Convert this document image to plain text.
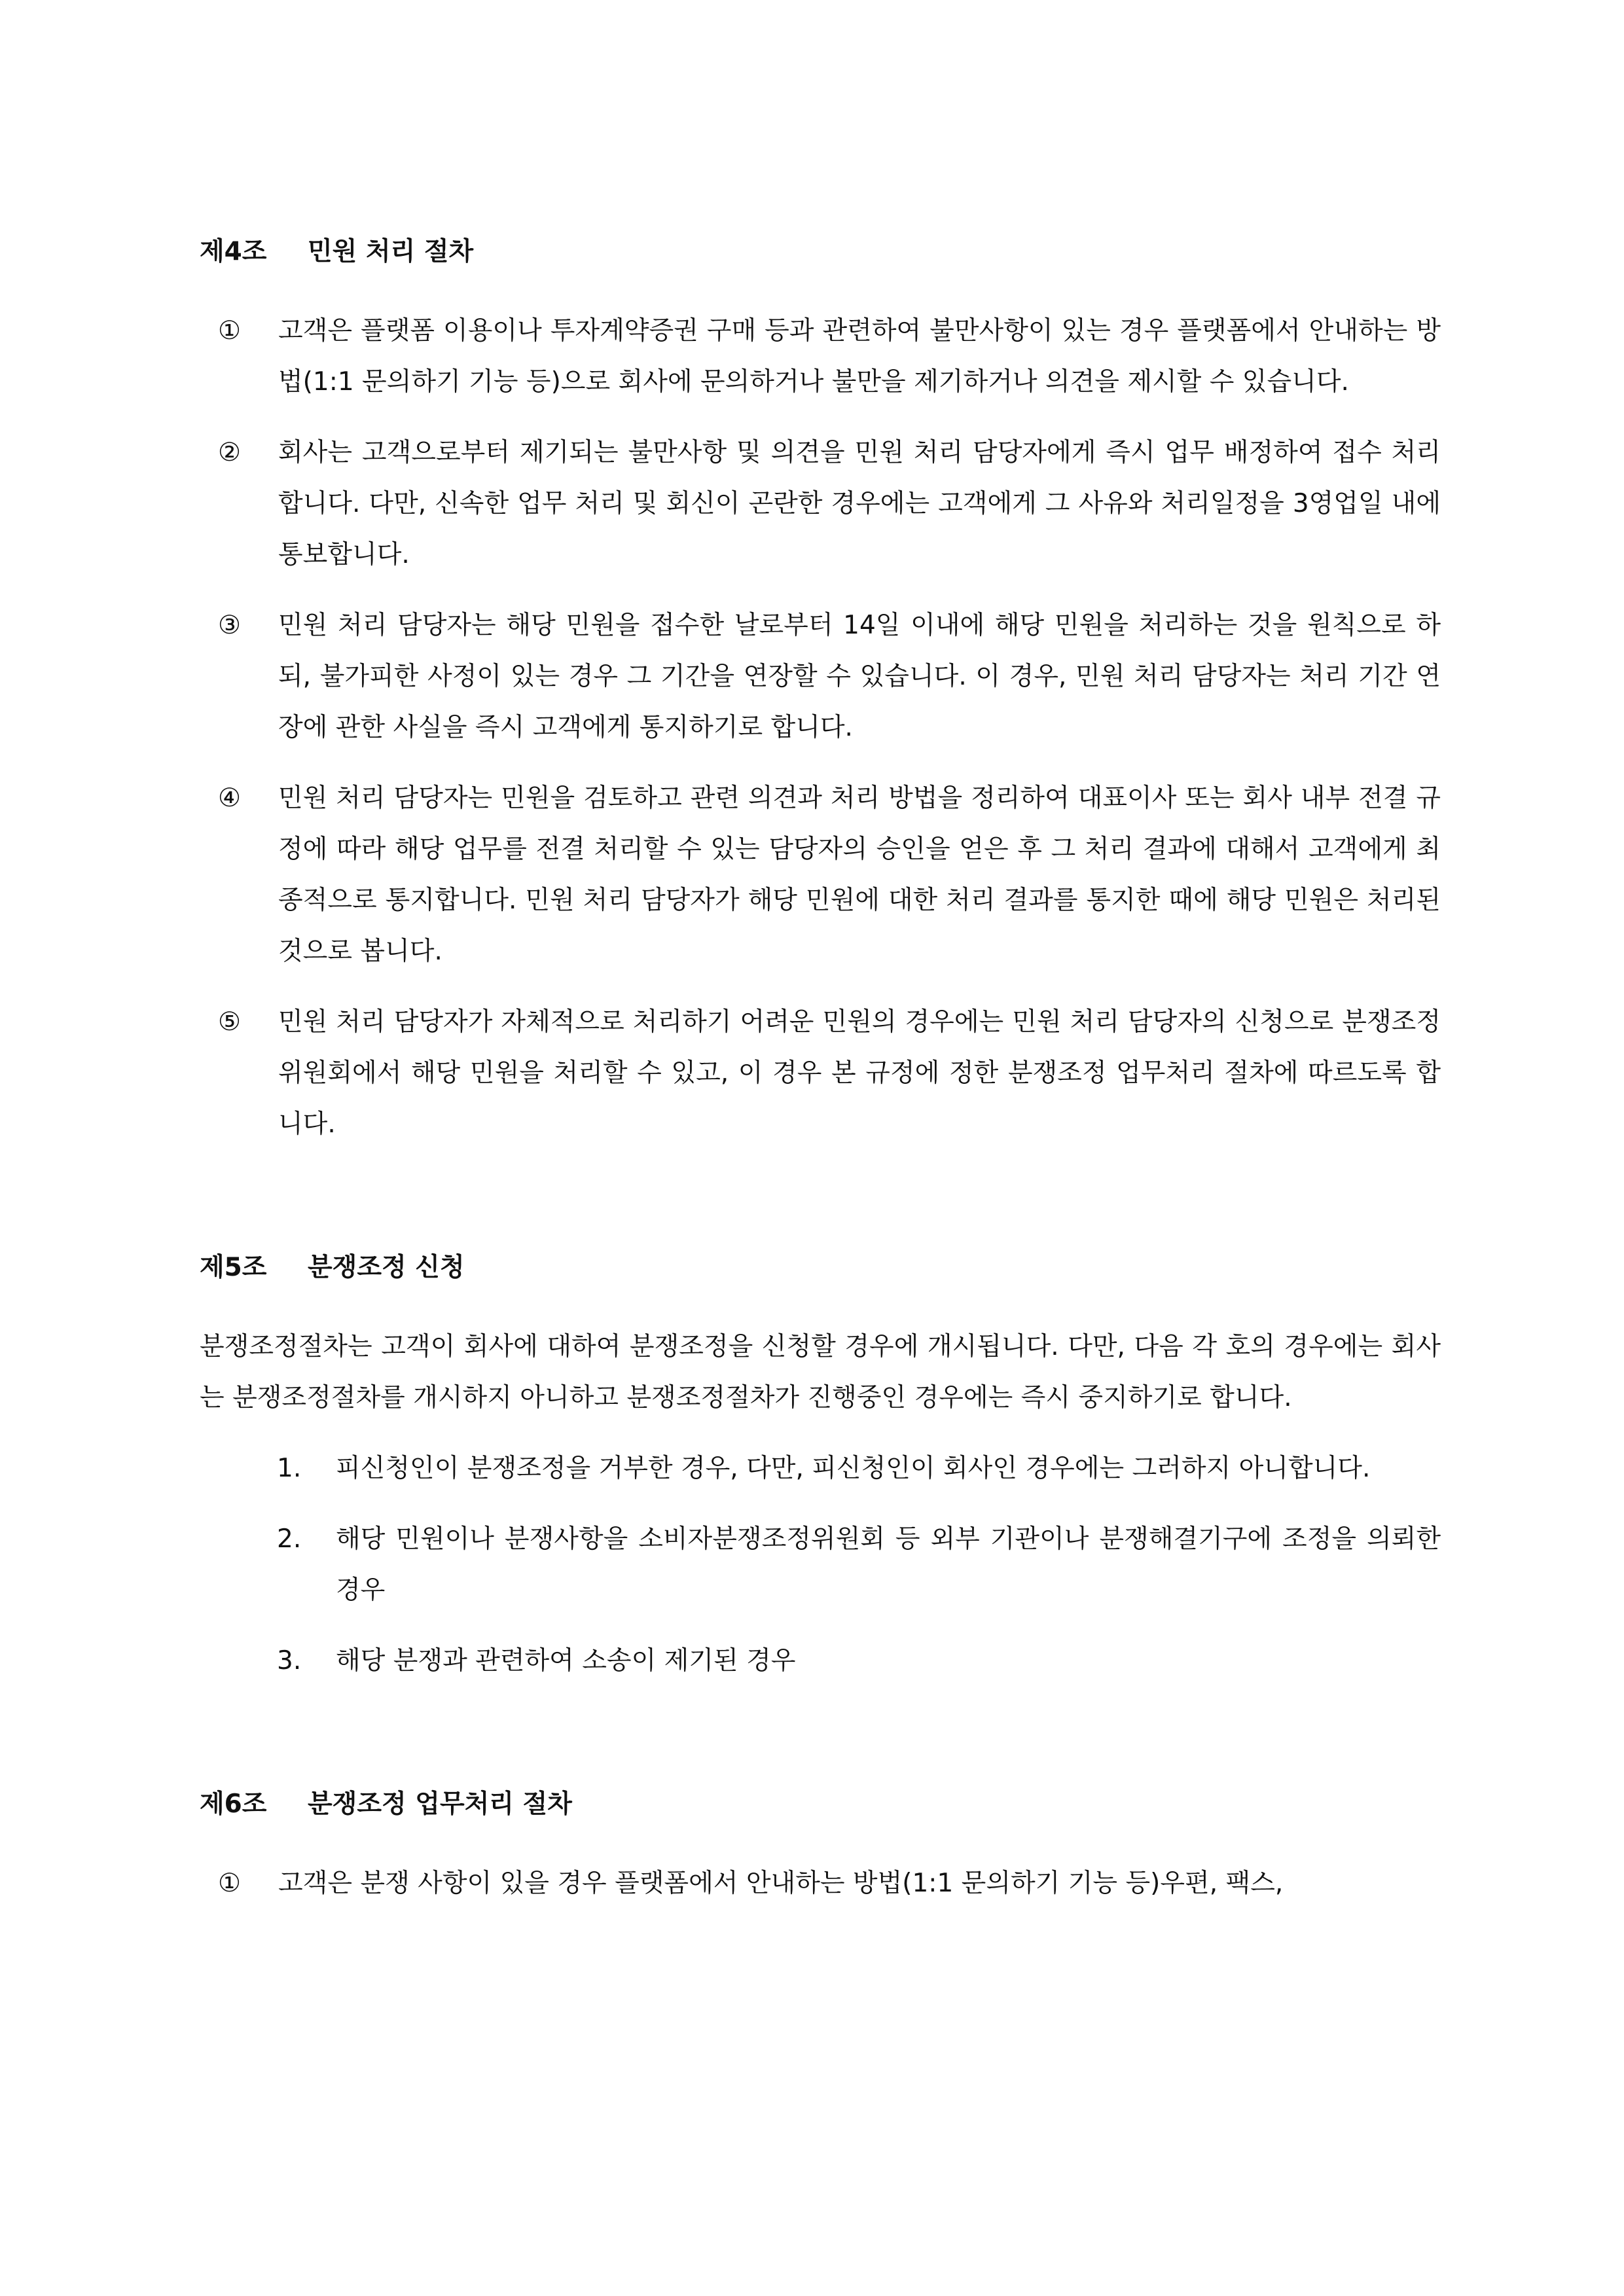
제4조 민원 처리 절차
①	고객은 플랫폼 이용이나 투자계약증권 구매 등과 관련하여 불만사항이 있는 경우 플랫폼에서 안내하는 방법(1:1 문의하기 기능 등)으로 회사에 문의하거나 불만을 제기하거나 의견을 제시할 수 있습니다.
②	회사는 고객으로부터 제기되는 불만사항 및 의견을 민원 처리 담당자에게 즉시 업무 배정하여 접수 처리합니다. 다만, 신속한 업무 처리 및 회신이 곤란한 경우에는 고객에게 그 사유와 처리일정을 3영업일 내에 통보합니다.
③	민원 처리 담당자는 해당 민원을 접수한 날로부터 14일 이내에 해당 민원을 처리하는 것을 원칙으로 하되, 불가피한 사정이 있는 경우 그 기간을 연장할 수 있습니다. 이 경우, 민원 처리 담당자는 처리 기간 연장에 관한 사실을 즉시 고객에게 통지하기로 합니다.
④	민원 처리 담당자는 민원을 검토하고 관련 의견과 처리 방법을 정리하여 대표이사 또는 회사 내부 전결 규정에 따라 해당 업무를 전결 처리할 수 있는 담당자의 승인을 얻은 후 그 처리 결과에 대해서 고객에게 최종적으로 통지합니다. 민원 처리 담당자가 해당 민원에 대한 처리 결과를 통지한 때에 해당 민원은 처리된 것으로 봅니다.
⑤	민원 처리 담당자가 자체적으로 처리하기 어려운 민원의 경우에는 민원 처리 담당자의 신청으로 분쟁조정위원회에서 해당 민원을 처리할 수 있고, 이 경우 본 규정에 정한 분쟁조정 업무처리 절차에 따르도록 합니다.
제5조 분쟁조정 신청

분쟁조정절차는 고객이 회사에 대하여 분쟁조정을 신청할 경우에 개시됩니다. 다만, 다음 각 호의 경우에는 회사는 분쟁조정절차를 개시하지 아니하고 분쟁조정절차가 진행중인 경우에는 즉시 중지하기로 합니다.

1.	피신청인이 분쟁조정을 거부한 경우, 다만, 피신청인이 회사인 경우에는 그러하지 아니합니다.
2.	해당 민원이나 분쟁사항을 소비자분쟁조정위원회 등 외부 기관이나 분쟁해결기구에 조정을 의뢰한 경우
3.	해당 분쟁과 관련하여 소송이 제기된 경우
제6조 분쟁조정 업무처리 절차
①	고객은 분쟁 사항이 있을 경우 플랫폼에서 안내하는 방법(1:1 문의하기 기능 등)우편, 팩스,
